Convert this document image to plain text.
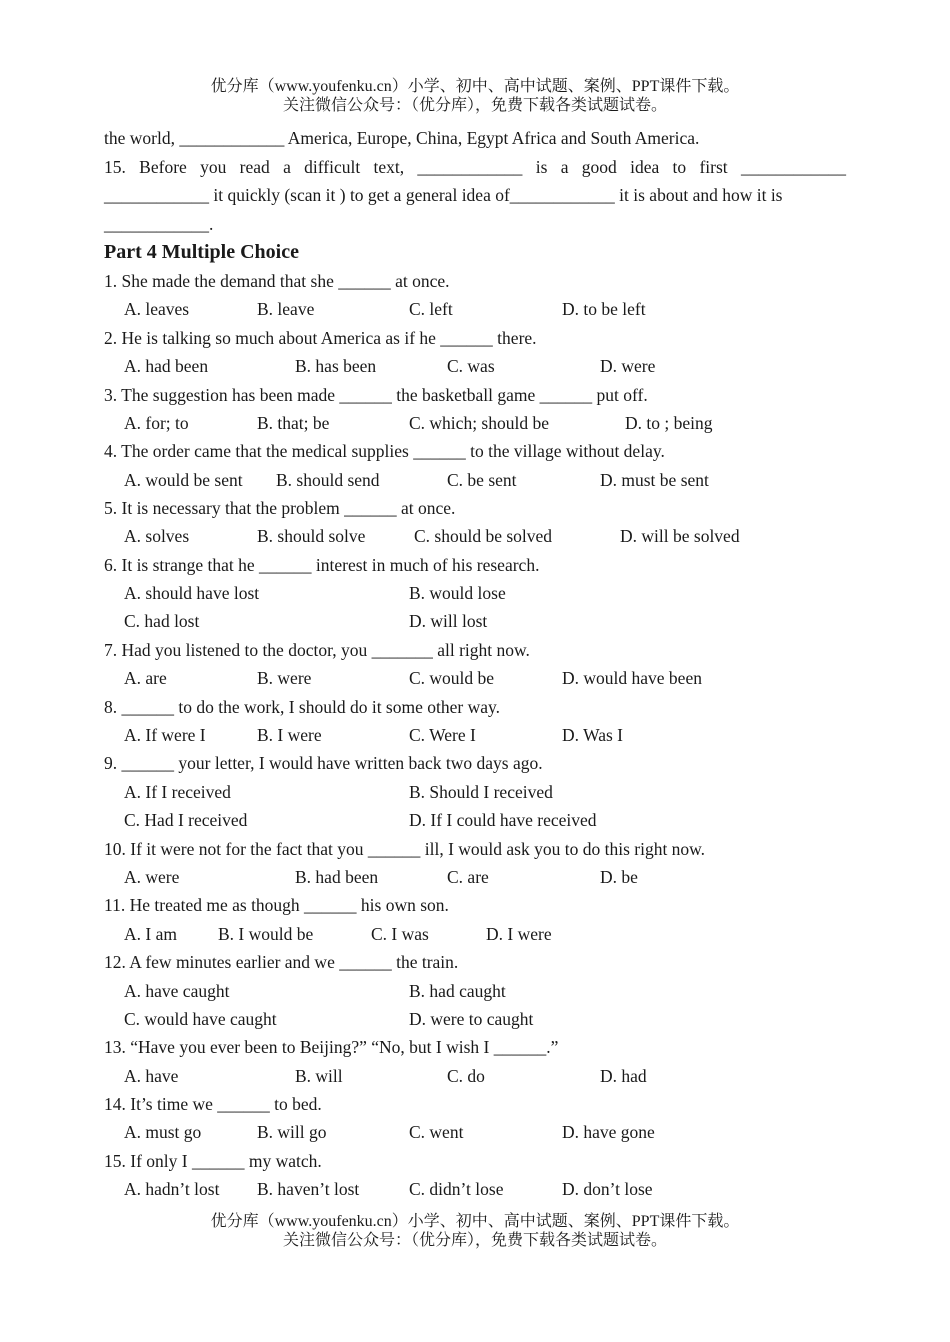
优分库（www.youfenku.cn）小学、初中、高中试题、案例、PPT课件下载。
关注微信公众号：（优分库），免费下载各类试题试卷。
the world, ____________ America, Europe, China, Egypt Africa and South America.
15. Before you read a difficult text, ____________ is a good idea to first ____________
____________ it quickly (scan it ) to get a general idea of____________ it is about and how it is
____________.
Part 4 Multiple Choice
1. She made the demand that she ______ at once.
A. leaves	B. leave	C. left	D. to be left
2. He is talking so much about America as if he ______ there.
A. had been	B. has been	C. was	D. were
3. The suggestion has been made ______ the basketball game ______ put off.
A. for; to	B. that; be	C. which; should be	D. to ; being
4. The order came that the medical supplies ______ to the village without delay.
A. would be sent B. should send	C. be sent	D. must be sent
5. It is necessary that the problem ______ at once.
A. solves	B. should solve	C. should be solved	D. will be solved
6. It is strange that he ______ interest in much of his research.
A. should have lost	B. would lose
C. had lost	D. will lost
7. Had you listened to the doctor, you _______ all right now.
A. are	B. were	C. would be	D. would have been
8. ______ to do the work, I should do it some other way.
A. If were I	B. I were	C. Were I	D. Was I
9. ______ your letter, I would have written back two days ago.
A. If I received	B. Should I received
C. Had I received	D. If I could have received
10. If it were not for the fact that you ______ ill, I would ask you to do this right now.
A. were	B. had been	C. are	D. be
11. He treated me as though ______ his own son.
A. I am B. I would be	C. I was	D. I were
12. A few minutes earlier and we ______ the train.
A. have caught	B. had caught
C. would have caught	D. were to caught
13. “Have you ever been to Beijing?” “No, but I wish I ______.”
A. have	B. will	C. do	D. had
14. It’s time we ______ to bed.
A. must go	B. will go	C. went	D. have gone
15. If only I ______ my watch.
A. hadn’t lost B. haven’t lost	C. didn’t lose	D. don’t lose
优分库（www.youfenku.cn）小学、初中、高中试题、案例、PPT课件下载。
关注微信公众号：（优分库），免费下载各类试题试卷。
